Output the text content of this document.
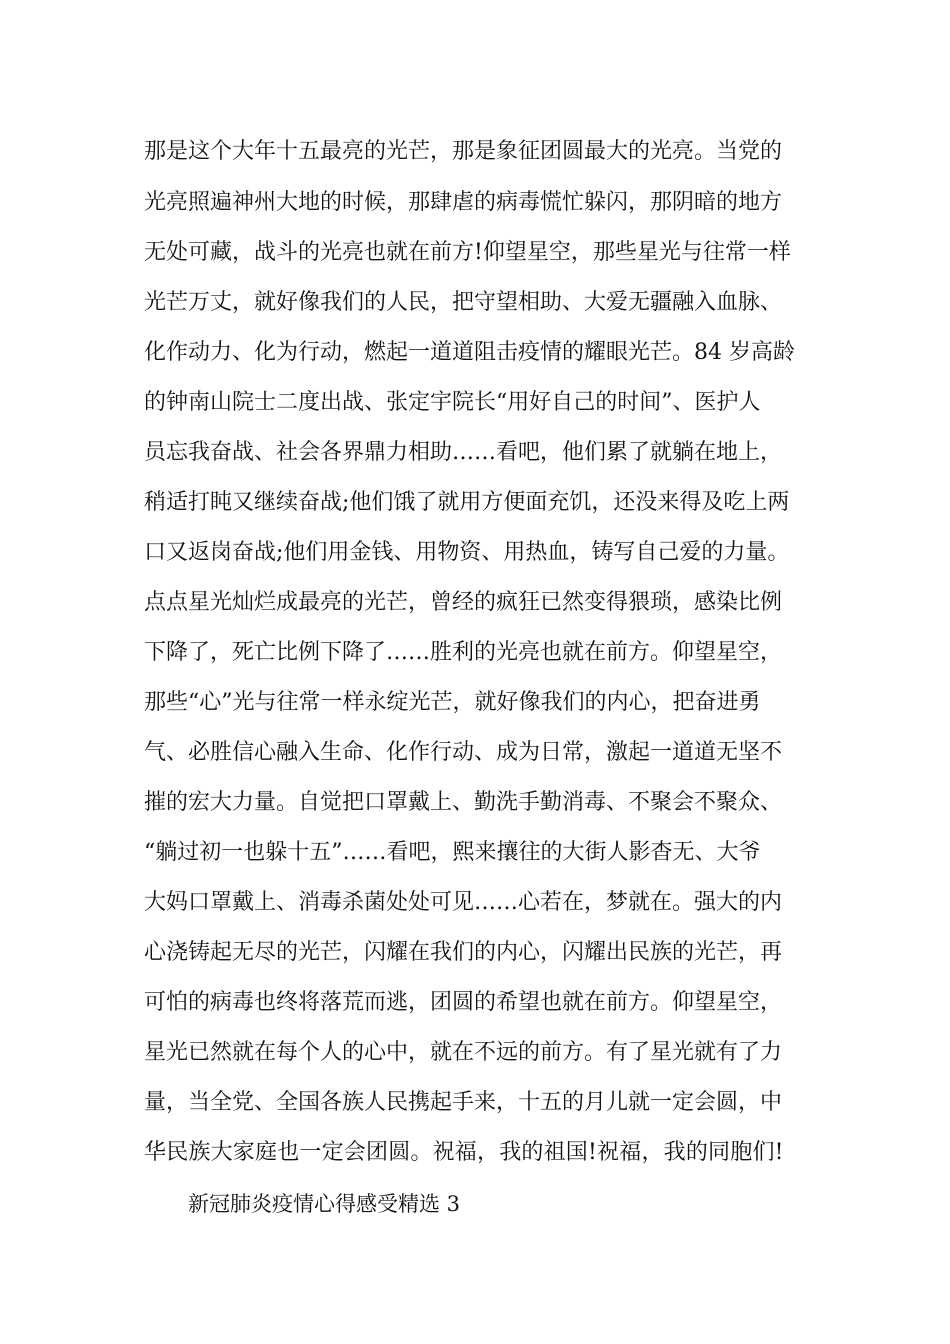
那是这个大年十五最亮的光芒，那是象征团圆最大的光亮。当党的
光亮照遍神州大地的时候，那肆虐的病毒慌忙躲闪，那阴暗的地方
无处可藏，战斗的光亮也就在前方!仰望星空，那些星光与往常一样
光芒万丈，就好像我们的人民，把守望相助、大爱无疆融入血脉、
化作动力、化为行动，燃起一道道阻击疫情的耀眼光芒。84 岁高龄
的钟南山院士二度出战、张定宇院长“用好自己的时间”、医护人
员忘我奋战、社会各界鼎力相助……看吧，他们累了就躺在地上，
稍适打盹又继续奋战;他们饿了就用方便面充饥，还没来得及吃上两
口又返岗奋战;他们用金钱、用物资、用热血，铸写自己爱的力量。
点点星光灿烂成最亮的光芒，曾经的疯狂已然变得猥琐，感染比例
下降了，死亡比例下降了……胜利的光亮也就在前方。仰望星空，
那些“心”光与往常一样永绽光芒，就好像我们的内心，把奋进勇
气、必胜信心融入生命、化作行动、成为日常，激起一道道无坚不
摧的宏大力量。自觉把口罩戴上、勤洗手勤消毒、不聚会不聚众、
“躺过初一也躲十五”……看吧，熙来攘往的大街人影杳无、大爷
大妈口罩戴上、消毒杀菌处处可见……心若在，梦就在。强大的内
心浇铸起无尽的光芒，闪耀在我们的内心，闪耀出民族的光芒，再
可怕的病毒也终将落荒而逃，团圆的希望也就在前方。仰望星空，
星光已然就在每个人的心中，就在不远的前方。有了星光就有了力
量，当全党、全国各族人民携起手来，十五的月儿就一定会圆，中
华民族大家庭也一定会团圆。祝福，我的祖国!祝福，我的同胞们!
新冠肺炎疫情心得感受精选 3
